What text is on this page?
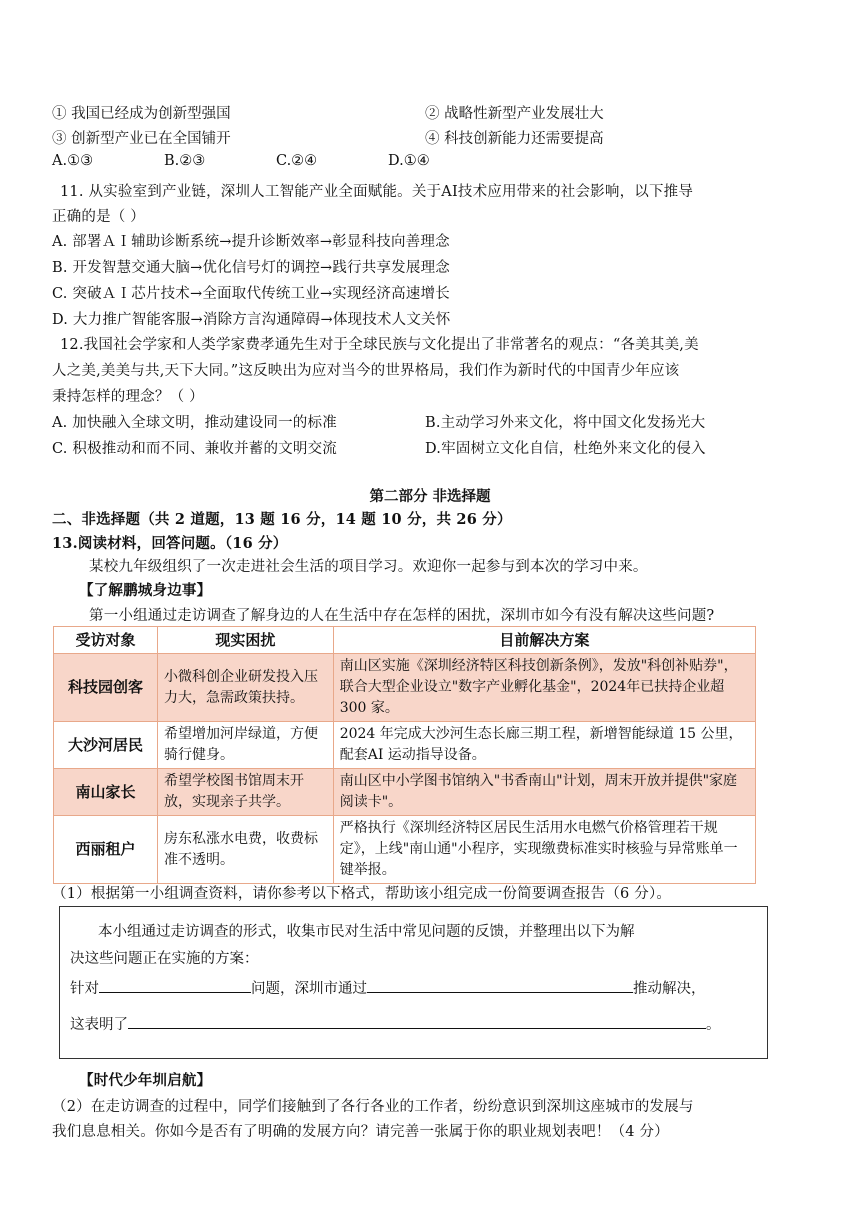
① 我国已经成为创新型强国	② 战略性新型产业发展壮大
③ 创新型产业已在全国铺开	④ 科技创新能力还需要提高
A.①③	B.②③	C.②④	D.①④
11. 从实验室到产业链，深圳人工智能产业全面赋能。关于AI技术应用带来的社会影响，以下推导
正确的是（ ）
A. 部署ＡＩ辅助诊断系统→提升诊断效率→彰显科技向善理念
B. 开发智慧交通大脑→优化信号灯的调控→践行共享发展理念
C. 突破ＡＩ芯片技术→全面取代传统工业→实现经济高速增长
D. 大力推广智能客服→消除方言沟通障碍→体现技术人文关怀
12.我国社会学家和人类学家费孝通先生对于全球民族与文化提出了非常著名的观点：“各美其美,美
人之美,美美与共,天下大同。”这反映出为应对当今的世界格局，我们作为新时代的中国青少年应该
秉持怎样的理念？（ ）
A. 加快融入全球文明，推动建设同一的标准	B.主动学习外来文化，将中国文化发扬光大
C. 积极推动和而不同、兼收并蓄的文明交流	D.牢固树立文化自信，杜绝外来文化的侵入
第二部分 非选择题
二、非选择题（共 2 道题，13 题 16 分，14 题 10 分，共 26 分）
13.阅读材料，回答问题。（16 分）
某校九年级组织了一次走进社会生活的项目学习。欢迎你一起参与到本次的学习中来。
【了解鹏城身边事】
第一小组通过走访调查了解身边的人在生活中存在怎样的困扰，深圳市如今有没有解决这些问题?
受访对象	现实困扰	目前解决方案
科技园创客	小微科创企业研发投入压力大，急需政策扶持。	南山区实施《深圳经济特区科技创新条例》，发放"科创补贴券"，联合大型企业设立"数字产业孵化基金"，2024年已扶持企业超 300 家。
大沙河居民	希望增加河岸绿道，方便骑行健身。	2024 年完成大沙河生态长廊三期工程，新增智能绿道 15 公里，配套AI 运动指导设备。
南山家长	希望学校图书馆周末开放，实现亲子共学。	南山区中小学图书馆纳入"书香南山"计划，周末开放并提供"家庭阅读卡"。
西丽租户	房东私涨水电费，收费标准不透明。	严格执行《深圳经济特区居民生活用水电燃气价格管理若干规定》，上线"南山通"小程序，实现缴费标准实时核验与异常账单一键举报。
（1）根据第一小组调查资料，请你参考以下格式，帮助该小组完成一份简要调查报告（6 分）。
本小组通过走访调查的形式，收集市民对生活中常见问题的反馈，并整理出以下为解
决这些问题正在实施的方案：
针对	问题，深圳市通过	推动解决，
这表明了	。
【时代少年圳启航】
（2）在走访调查的过程中，同学们接触到了各行各业的工作者，纷纷意识到深圳这座城市的发展与
我们息息相关。你如今是否有了明确的发展方向？请完善一张属于你的职业规划表吧！（4 分）
